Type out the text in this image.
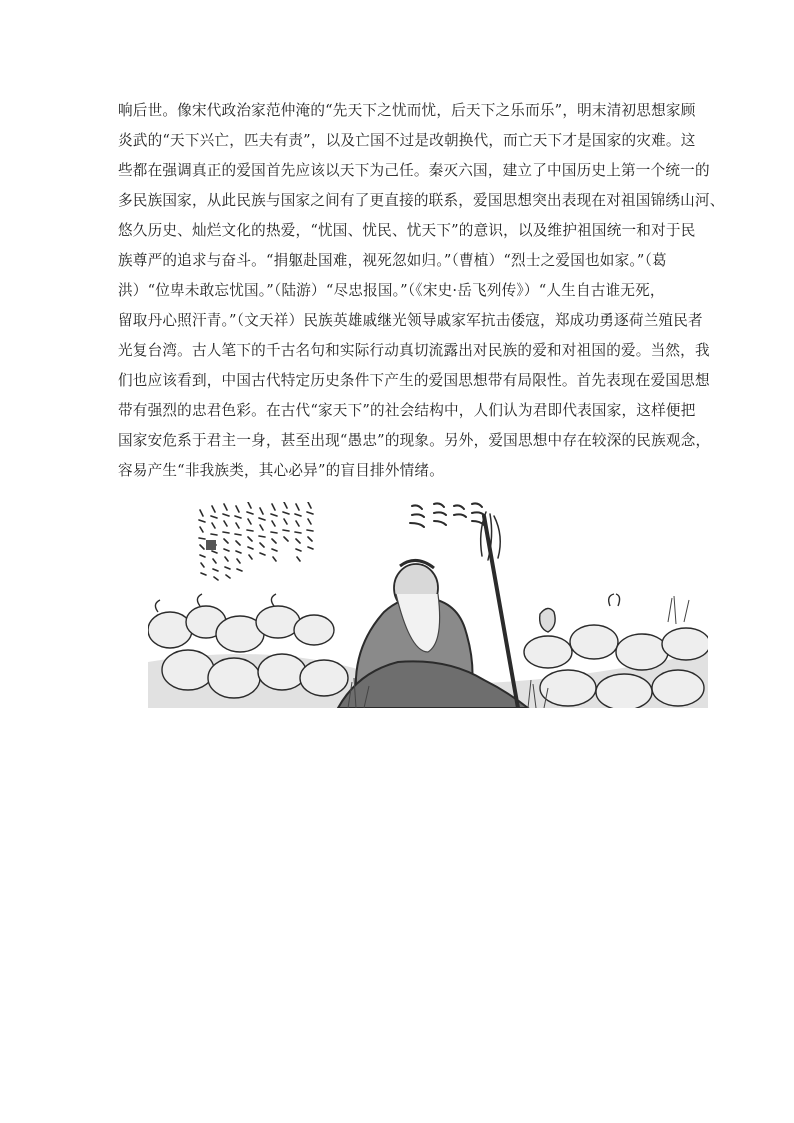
响后世。像宋代政治家范仲淹的“先天下之忧而忧，后天下之乐而乐”，明末清初思想家顾
炎武的“天下兴亡，匹夫有责”，以及亡国不过是改朝换代，而亡天下才是国家的灾难。这
些都在强调真正的爱国首先应该以天下为己任。秦灭六国，建立了中国历史上第一个统一的
多民族国家，从此民族与国家之间有了更直接的联系，爱国思想突出表现在对祖国锦绣山河、
悠久历史、灿烂文化的热爱，“忧国、忧民、忧天下”的意识，以及维护祖国统一和对于民
族尊严的追求与奋斗。“捐躯赴国难，视死忽如归。”（曹植）“烈士之爱国也如家。”（葛
洪）“位卑未敢忘忧国。”（陆游）“尽忠报国。”（《宋史·岳飞列传》）“人生自古谁无死，
留取丹心照汗青。”（文天祥）民族英雄戚继光领导戚家军抗击倭寇，郑成功勇逐荷兰殖民者
光复台湾。古人笔下的千古名句和实际行动真切流露出对民族的爱和对祖国的爱。当然，我
们也应该看到，中国古代特定历史条件下产生的爱国思想带有局限性。首先表现在爱国思想
带有强烈的忠君色彩。在古代“家天下”的社会结构中，人们认为君即代表国家，这样便把
国家安危系于君主一身，甚至出现“愚忠”的现象。另外，爱国思想中存在较深的民族观念，
容易产生“非我族类，其心必异”的盲目排外情绪。
